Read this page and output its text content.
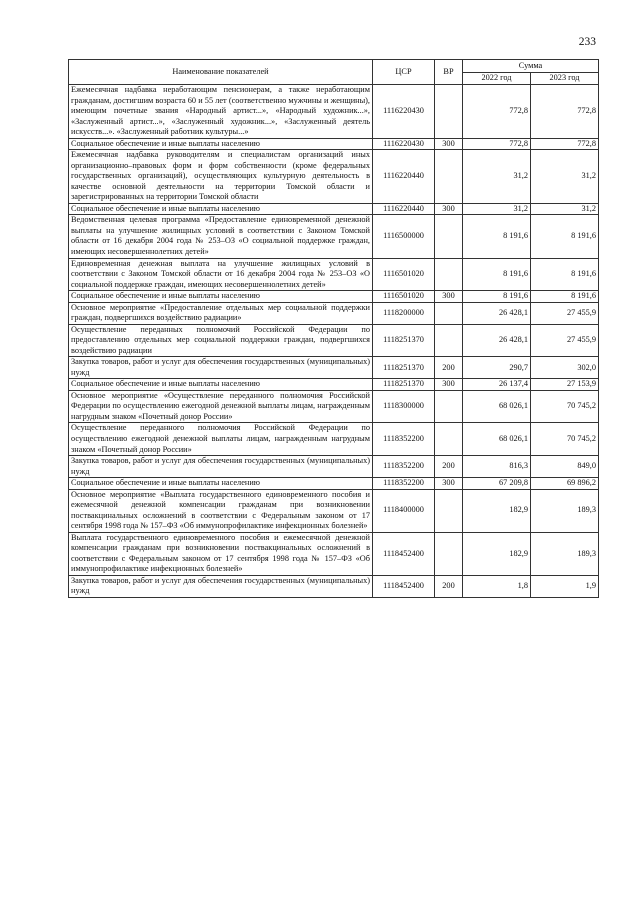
233
Наименование показателей	ЦСР	ВР	Сумма	
			2022 год	2023 год
Ежемесячная надбавка неработающим пенсионерам, а также неработающим гражданам, достигшим возраста 60 и 55 лет (соответственно мужчины и женщины), имеющим почетные звания «Народный артист...», «Народный художник...», «Заслуженный артист...», «Заслуженный художник...», «Заслуженный деятель искусств...». «Заслуженный работник культуры...»	1116220430		772,8	772,8
Социальное обеспечение и иные выплаты населению	1116220430	300	772,8	772,8
Ежемесячная надбавка руководителям и специалистам организаций иных организационно–правовых форм и форм собственности (кроме федеральных государственных организаций), осуществляющих культурную деятельность в качестве основной деятельности на территории Томской области и зарегистрированных на территории Томской области	1116220440		31,2	31,2
Социальное обеспечение и иные выплаты населению	1116220440	300	31,2	31,2
Ведомственная целевая программа «Предоставление единовременной денежной выплаты на улучшение жилищных условий в соответствии с Законом Томской области от 16 декабря 2004 года № 253–ОЗ «О социальной поддержке граждан, имеющих несовершеннолетних детей»	1116500000		8 191,6	8 191,6
Единовременная денежная выплата на улучшение жилищных условий в соответствии с Законом Томской области от 16 декабря 2004 года № 253–ОЗ «О социальной поддержке граждан, имеющих несовершеннолетних детей»	1116501020		8 191,6	8 191,6
Социальное обеспечение и иные выплаты населению	1116501020	300	8 191,6	8 191,6
Основное мероприятие «Предоставление отдельных мер социальной поддержки граждан, подвергшихся воздействию радиации»	1118200000		26 428,1	27 455,9
Осуществление переданных полномочий Российской Федерации по предоставлению отдельных мер социальной поддержки граждан, подвергшихся воздействию радиации	1118251370		26 428,1	27 455,9
Закупка товаров, работ и услуг для обеспечения государственных (муниципальных) нужд	1118251370	200	290,7	302,0
Социальное обеспечение и иные выплаты населению	1118251370	300	26 137,4	27 153,9
Основное мероприятие «Осуществление переданного полномочия Российской Федерации по осуществлению ежегодной денежной выплаты лицам, награжденным нагрудным знаком «Почетный донор России»	1118300000		68 026,1	70 745,2
Осуществление переданного полномочия Российской Федерации по осуществлению ежегодной денежной выплаты лицам, награжденным нагрудным знаком «Почетный донор России»	1118352200		68 026,1	70 745,2
Закупка товаров, работ и услуг для обеспечения государственных (муниципальных) нужд	1118352200	200	816,3	849,0
Социальное обеспечение и иные выплаты населению	1118352200	300	67 209,8	69 896,2
Основное мероприятие «Выплата государственного единовременного пособия и ежемесячной денежной компенсации гражданам при возникновении поствакцинальных осложнений в соответствии с Федеральным законом от 17 сентября 1998 года № 157–ФЗ «Об иммунопрофилактике инфекционных болезней»	1118400000		182,9	189,3
Выплата государственного единовременного пособия и ежемесячной денежной компенсации гражданам при возникновении поствакцинальных осложнений в соответствии с Федеральным законом от 17 сентября 1998 года № 157–ФЗ «Об иммунопрофилактике инфекционных болезней»	1118452400		182,9	189,3
Закупка товаров, работ и услуг для обеспечения государственных (муниципальных) нужд	1118452400	200	1,8	1,9
